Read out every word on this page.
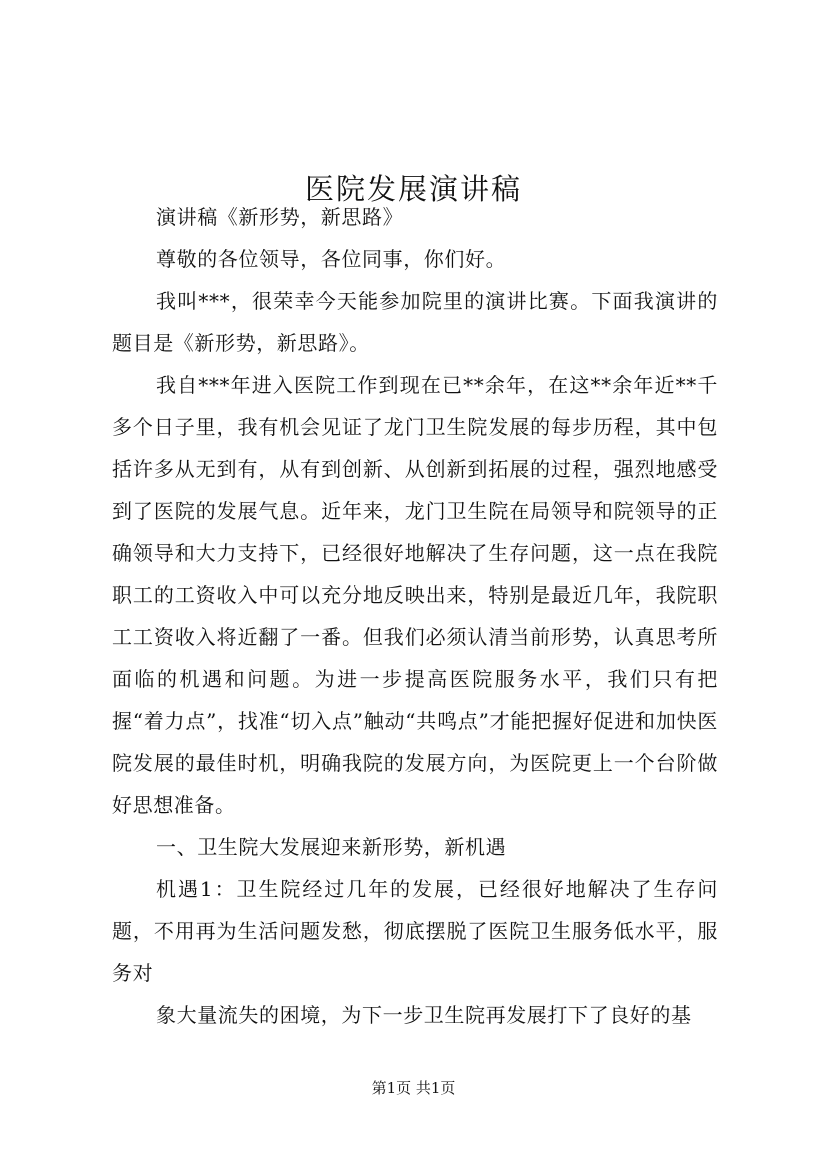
医院发展演讲稿

演讲稿《新形势，新思路》

尊敬的各位领导，各位同事，你们好。

我叫***，很荣幸今天能参加院里的演讲比赛。下面我演讲的题目是《新形势，新思路》。

我自***年进入医院工作到现在已**余年，在这**余年近**千多个日子里，我有机会见证了龙门卫生院发展的每步历程，其中包括许多从无到有，从有到创新、从创新到拓展的过程，强烈地感受到了医院的发展气息。近年来，龙门卫生院在局领导和院领导的正确领导和大力支持下，已经很好地解决了生存问题，这一点在我院职工的工资收入中可以充分地反映出来，特别是最近几年，我院职工工资收入将近翻了一番。但我们必须认清当前形势，认真思考所面临的机遇和问题。为进一步提高医院服务水平，我们只有把握“着力点”，找准“切入点”触动“共鸣点”才能把握好促进和加快医院发展的最佳时机，明确我院的发展方向，为医院更上一个台阶做好思想准备。

一、卫生院大发展迎来新形势，新机遇

机遇1：卫生院经过几年的发展，已经很好地解决了生存问题，不用再为生活问题发愁，彻底摆脱了医院卫生服务低水平，服务对

象大量流失的困境，为下一步卫生院再发展打下了良好的基

第1页 共1页
